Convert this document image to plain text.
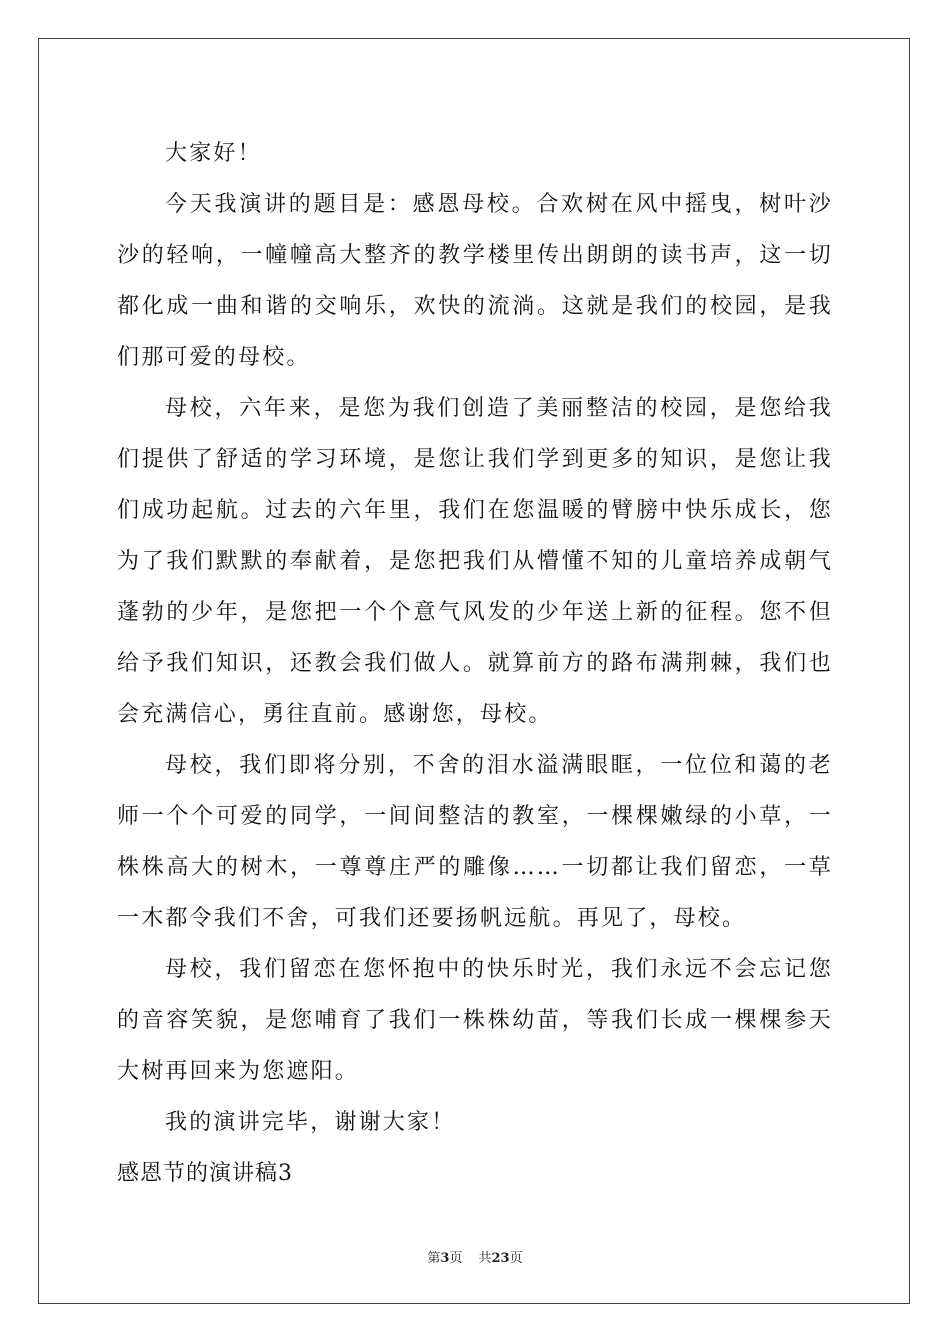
大家好！

今天我演讲的题目是：感恩母校。合欢树在风中摇曳，树叶沙沙的轻响，一幢幢高大整齐的教学楼里传出朗朗的读书声，这一切都化成一曲和谐的交响乐，欢快的流淌。这就是我们的校园，是我们那可爱的母校。

母校，六年来，是您为我们创造了美丽整洁的校园，是您给我们提供了舒适的学习环境，是您让我们学到更多的知识，是您让我们成功起航。过去的六年里，我们在您温暖的臂膀中快乐成长，您为了我们默默的奉献着，是您把我们从懵懂不知的儿童培养成朝气蓬勃的少年，是您把一个个意气风发的少年送上新的征程。您不但给予我们知识，还教会我们做人。就算前方的路布满荆棘，我们也会充满信心，勇往直前。感谢您，母校。

母校，我们即将分别，不舍的泪水溢满眼眶，一位位和蔼的老师一个个可爱的同学，一间间整洁的教室，一棵棵嫩绿的小草，一株株高大的树木，一尊尊庄严的雕像……一切都让我们留恋，一草一木都令我们不舍，可我们还要扬帆远航。再见了，母校。

母校，我们留恋在您怀抱中的快乐时光，我们永远不会忘记您的音容笑貌，是您哺育了我们一株株幼苗，等我们长成一棵棵参天大树再回来为您遮阳。

我的演讲完毕，谢谢大家！

感恩节的演讲稿3

第3页 共23页
